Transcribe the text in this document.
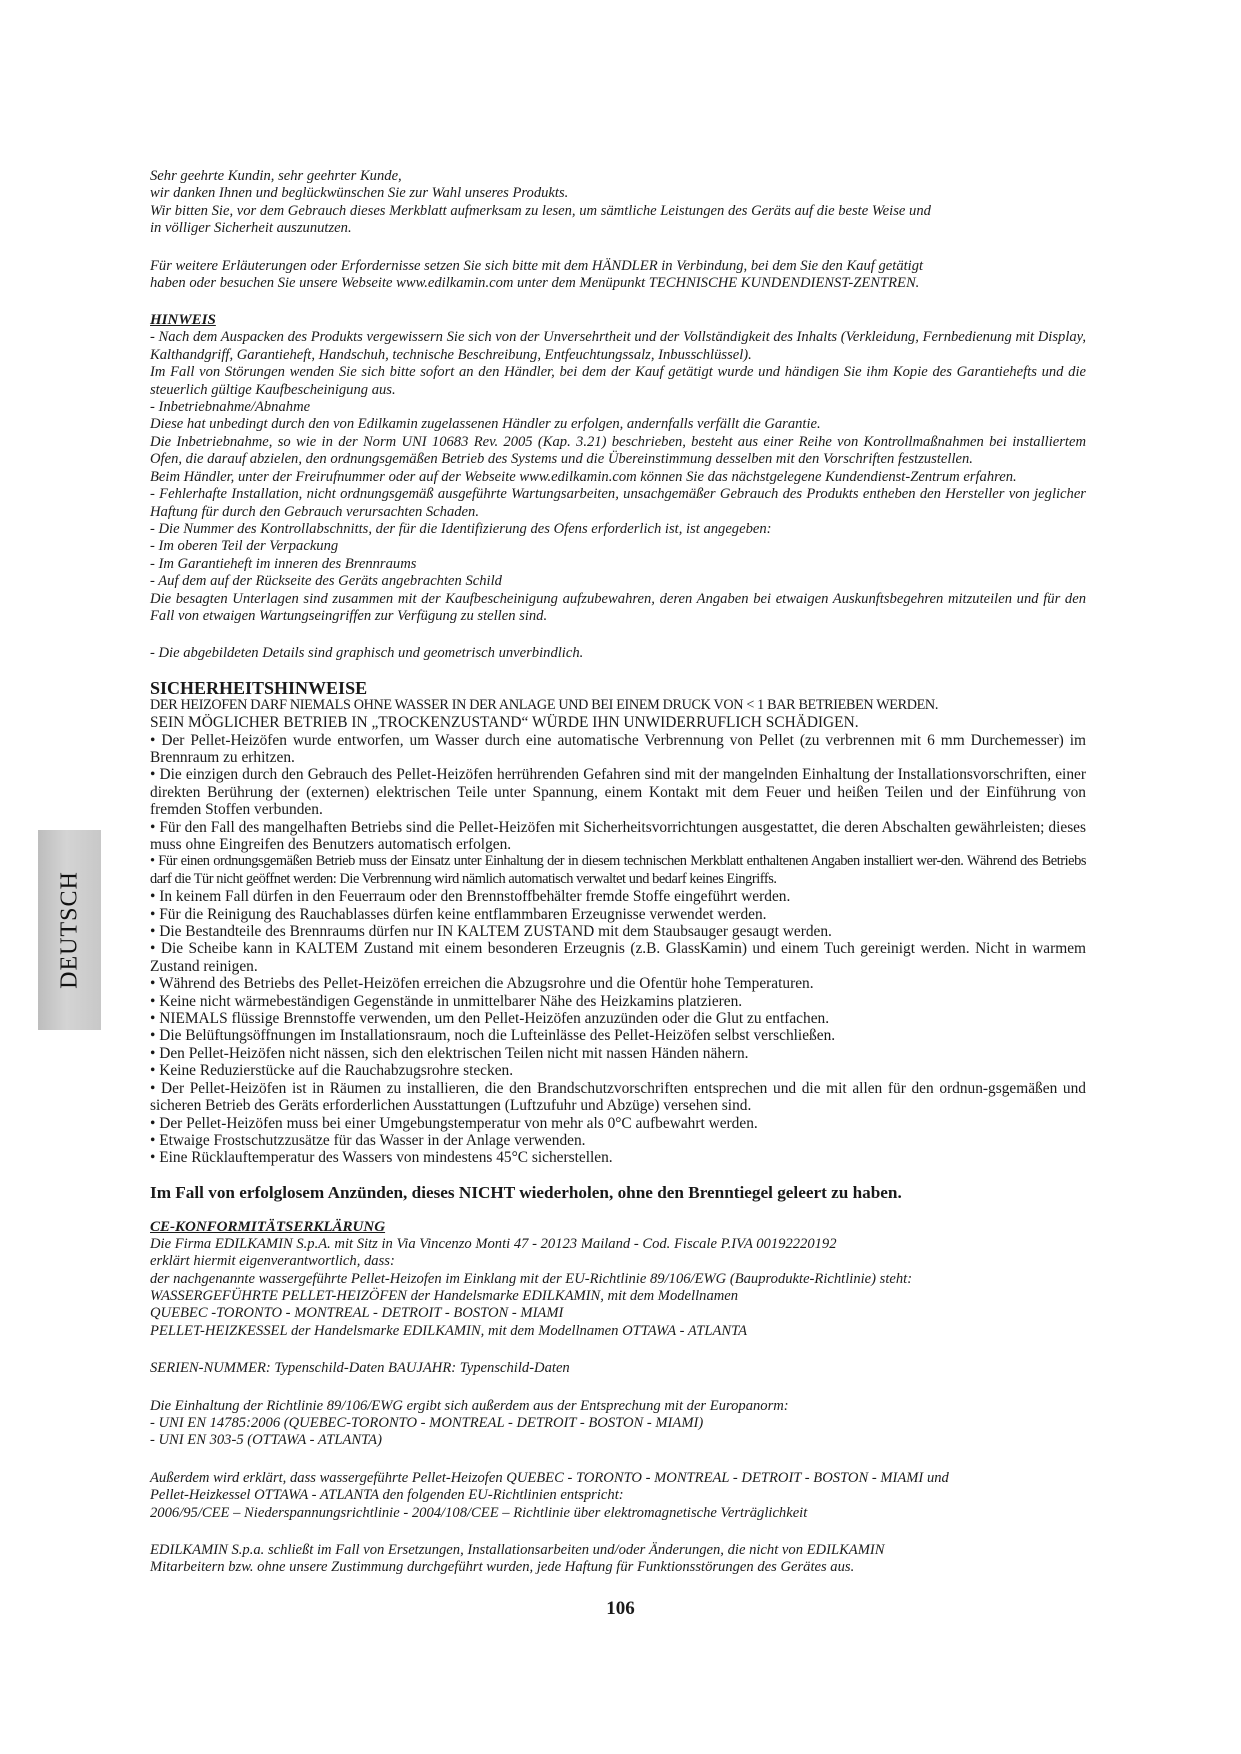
DEUTSCH

Sehr geehrte Kundin, sehr geehrter Kunde,

wir danken Ihnen und beglückwünschen Sie zur Wahl unseres Produkts.

Wir bitten Sie, vor dem Gebrauch dieses Merkblatt aufmerksam zu lesen, um sämtliche Leistungen des Geräts auf die beste Weise und

in völliger Sicherheit auszunutzen.

Für weitere Erläuterungen oder Erfordernisse setzen Sie sich bitte mit dem HÄNDLER in Verbindung, bei dem Sie den Kauf getätigt

haben oder besuchen Sie unsere Webseite www.edilkamin.com unter dem Menüpunkt TECHNISCHE KUNDENDIENST-ZENTREN.

HINWEIS

- Nach dem Auspacken des Produkts vergewissern Sie sich von der Unversehrtheit und der Vollständigkeit des Inhalts (Verkleidung, Fernbedienung mit Display, Kalthandgriff, Garantieheft, Handschuh, technische Beschreibung, Entfeuchtungssalz, Inbusschlüssel).

Im Fall von Störungen wenden Sie sich bitte sofort an den Händler, bei dem der Kauf getätigt wurde und händigen Sie ihm Kopie des Garantiehefts und die steuerlich gültige Kaufbescheinigung aus.

- Inbetriebnahme/Abnahme

Diese hat unbedingt durch den von Edilkamin zugelassenen Händler zu erfolgen, andernfalls verfällt die Garantie.

Die Inbetriebnahme, so wie in der Norm UNI 10683 Rev. 2005 (Kap. 3.21) beschrieben, besteht aus einer Reihe von Kontrollmaßnahmen bei installiertem Ofen, die darauf abzielen, den ordnungsgemäßen Betrieb des Systems und die Übereinstimmung desselben mit den Vorschriften festzustellen.

Beim Händler, unter der Freirufnummer oder auf der Webseite www.edilkamin.com können Sie das nächstgelegene Kundendienst-Zentrum erfahren.

- Fehlerhafte Installation, nicht ordnungsgemäß ausgeführte Wartungsarbeiten, unsachgemäßer Gebrauch des Produkts entheben den Hersteller von jeglicher Haftung für durch den Gebrauch verursachten Schaden.

- Die Nummer des Kontrollabschnitts, der für die Identifizierung des Ofens erforderlich ist, ist angegeben:

- Im oberen Teil der Verpackung

- Im Garantieheft im inneren des Brennraums

- Auf dem auf der Rückseite des Geräts angebrachten Schild

Die besagten Unterlagen sind zusammen mit der Kaufbescheinigung aufzubewahren, deren Angaben bei etwaigen Auskunftsbegehren mitzuteilen und für den Fall von etwaigen Wartungseingriffen zur Verfügung zu stellen sind.

- Die abgebildeten Details sind graphisch und geometrisch unverbindlich.

SICHERHEITSHINWEISE

DER HEIZOFEN DARF NIEMALS OHNE WASSER IN DER ANLAGE UND BEI EINEM DRUCK VON < 1 BAR BETRIEBEN WERDEN.

SEIN MÖGLICHER BETRIEB IN „TROCKENZUSTAND“ WÜRDE IHN UNWIDERRUFLICH SCHÄDIGEN.

• Der Pellet-Heizöfen wurde entworfen, um Wasser durch eine automatische Verbrennung von Pellet (zu verbrennen mit 6 mm Durchemesser) im Brennraum zu erhitzen.

• Die einzigen durch den Gebrauch des Pellet-Heizöfen herrührenden Gefahren sind mit der mangelnden Einhaltung der Installationsvorschriften, einer direkten Berührung der (externen) elektrischen Teile unter Spannung, einem Kontakt mit dem Feuer und heißen Teilen und der Einführung von fremden Stoffen verbunden.

• Für den Fall des mangelhaften Betriebs sind die Pellet-Heizöfen mit Sicherheitsvorrichtungen ausgestattet, die deren Abschalten gewährleisten; dieses muss ohne Eingreifen des Benutzers automatisch erfolgen.

• Für einen ordnungsgemäßen Betrieb muss der Einsatz unter Einhaltung der in diesem technischen Merkblatt enthaltenen Angaben installiert wer-den. Während des Betriebs darf die Tür nicht geöffnet werden: Die Verbrennung wird nämlich automatisch verwaltet und bedarf keines Eingriffs.

• In keinem Fall dürfen in den Feuerraum oder den Brennstoffbehälter fremde Stoffe eingeführt werden.

• Für die Reinigung des Rauchablasses dürfen keine entflammbaren Erzeugnisse verwendet werden.

• Die Bestandteile des Brennraums dürfen nur IN KALTEM ZUSTAND mit dem Staubsauger gesaugt werden.

• Die Scheibe kann in KALTEM Zustand mit einem besonderen Erzeugnis (z.B. GlassKamin) und einem Tuch gereinigt werden. Nicht in warmem Zustand reinigen.

• Während des Betriebs des Pellet-Heizöfen erreichen die Abzugsrohre und die Ofentür hohe Temperaturen.

• Keine nicht wärmebeständigen Gegenstände in unmittelbarer Nähe des Heizkamins platzieren.

• NIEMALS flüssige Brennstoffe verwenden, um den Pellet-Heizöfen anzuzünden oder die Glut zu entfachen.

• Die Belüftungsöffnungen im Installationsraum, noch die Lufteinlässe des Pellet-Heizöfen selbst verschließen.

• Den Pellet-Heizöfen nicht nässen, sich den elektrischen Teilen nicht mit nassen Händen nähern.

• Keine Reduzierstücke auf die Rauchabzugsrohre stecken.

• Der Pellet-Heizöfen ist in Räumen zu installieren, die den Brandschutzvorschriften entsprechen und die mit allen für den ordnun-gsgemäßen und sicheren Betrieb des Geräts erforderlichen Ausstattungen (Luftzufuhr und Abzüge) versehen sind.

• Der Pellet-Heizöfen muss bei einer Umgebungstemperatur von mehr als 0°C aufbewahrt werden.

• Etwaige Frostschutzzusätze für das Wasser in der Anlage verwenden.

• Eine Rücklauftemperatur des Wassers von mindestens 45°C sicherstellen.

Im Fall von erfolglosem Anzünden, dieses NICHT wiederholen, ohne den Brenntiegel geleert zu haben.

CE-KONFORMITÄTSERKLÄRUNG

Die Firma EDILKAMIN S.p.A. mit Sitz in Via Vincenzo Monti 47 - 20123 Mailand - Cod. Fiscale P.IVA 00192220192

erklärt hiermit eigenverantwortlich, dass:

der nachgenannte wassergeführte Pellet-Heizofen im Einklang mit der EU-Richtlinie 89/106/EWG (Bauprodukte-Richtlinie) steht:

WASSERGEFÜHRTE PELLET-HEIZÖFEN der Handelsmarke EDILKAMIN, mit dem Modellnamen

QUEBEC -TORONTO - MONTREAL - DETROIT - BOSTON - MIAMI

PELLET-HEIZKESSEL der Handelsmarke EDILKAMIN, mit dem Modellnamen OTTAWA - ATLANTA

SERIEN-NUMMER: Typenschild-Daten BAUJAHR: Typenschild-Daten

Die Einhaltung der Richtlinie 89/106/EWG ergibt sich außerdem aus der Entsprechung mit der Europanorm:

- UNI EN 14785:2006 (QUEBEC-TORONTO - MONTREAL - DETROIT - BOSTON - MIAMI)

- UNI EN 303-5 (OTTAWA - ATLANTA)

Außerdem wird erklärt, dass wassergeführte Pellet-Heizofen QUEBEC - TORONTO - MONTREAL - DETROIT - BOSTON - MIAMI und

Pellet-Heizkessel OTTAWA - ATLANTA den folgenden EU-Richtlinien entspricht:

2006/95/CEE – Niederspannungsrichtlinie - 2004/108/CEE – Richtlinie über elektromagnetische Verträglichkeit

EDILKAMIN S.p.a. schließt im Fall von Ersetzungen, Installationsarbeiten und/oder Änderungen, die nicht von EDILKAMIN

Mitarbeitern bzw. ohne unsere Zustimmung durchgeführt wurden, jede Haftung für Funktionsstörungen des Gerätes aus.

106
